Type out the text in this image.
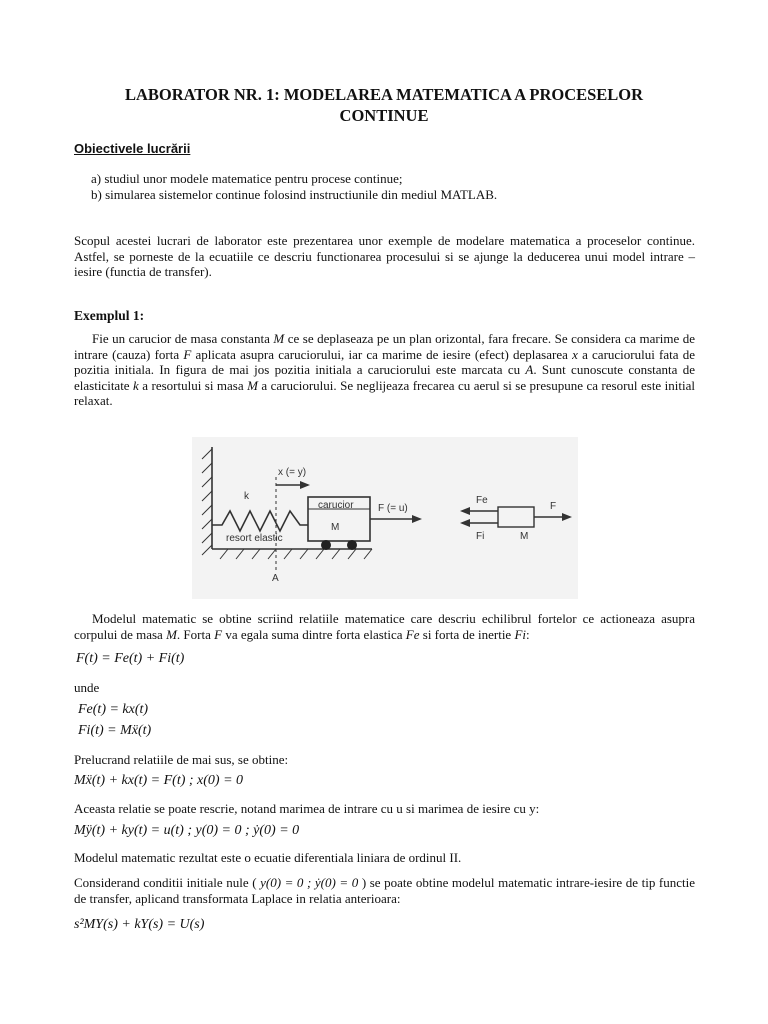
LABORATOR NR. 1: MODELAREA MATEMATICA A PROCESELOR
CONTINUE
Obiectivele lucrării
a) studiul unor modele matematice pentru procese continue;
b) simularea sistemelor continue folosind instructiunile din mediul MATLAB.
Scopul acestei lucrari de laborator este prezentarea unor exemple de modelare matematica a proceselor continue. Astfel, se porneste de la ecuatiile ce descriu functionarea procesului si se ajunge la deducerea unui model intrare – iesire (functia de transfer).
Exemplul 1:
Fie un carucior de masa constanta M ce se deplaseaza pe un plan orizontal, fara frecare. Se considera ca marime de intrare (cauza) forta F aplicata asupra caruciorului, iar ca marime de iesire (efect) deplasarea x a caruciorului fata de pozitia initiala. In figura de mai jos pozitia initiala a caruciorului este marcata cu A. Sunt cunoscute constanta de elasticitate k a resortului si masa M a caruciorului. Se neglijeaza frecarea cu aerul si se presupune ca resorul este initial relaxat.
x (= y)
k
carucior
M
F (= u)
resort elastic
A
Fe
Fi
F
M
Modelul matematic se obtine scriind relatiile matematice care descriu echilibrul fortelor ce actioneaza asupra corpului de masa M. Forta F va egala suma dintre forta elastica Fe si forta de inertie Fi:
F(t) = Fe(t) + Fi(t)
unde
Fe(t) = kx(t)
Fi(t) = Mẍ(t)
Prelucrand relatiile de mai sus, se obtine:
Mẍ(t) + kx(t) = F(t) ; x(0) = 0
Aceasta relatie se poate rescrie, notand marimea de intrare cu u si marimea de iesire cu y:
Mÿ(t) + ky(t) = u(t) ; y(0) = 0 ; ẏ(0) = 0
Modelul matematic rezultat este o ecuatie diferentiala liniara de ordinul II.
Considerand conditii initiale nule ( y(0) = 0 ; ẏ(0) = 0 ) se poate obtine modelul matematic intrare-iesire de tip functie de transfer, aplicand transformata Laplace in relatia anterioara:
s²MY(s) + kY(s) = U(s)
